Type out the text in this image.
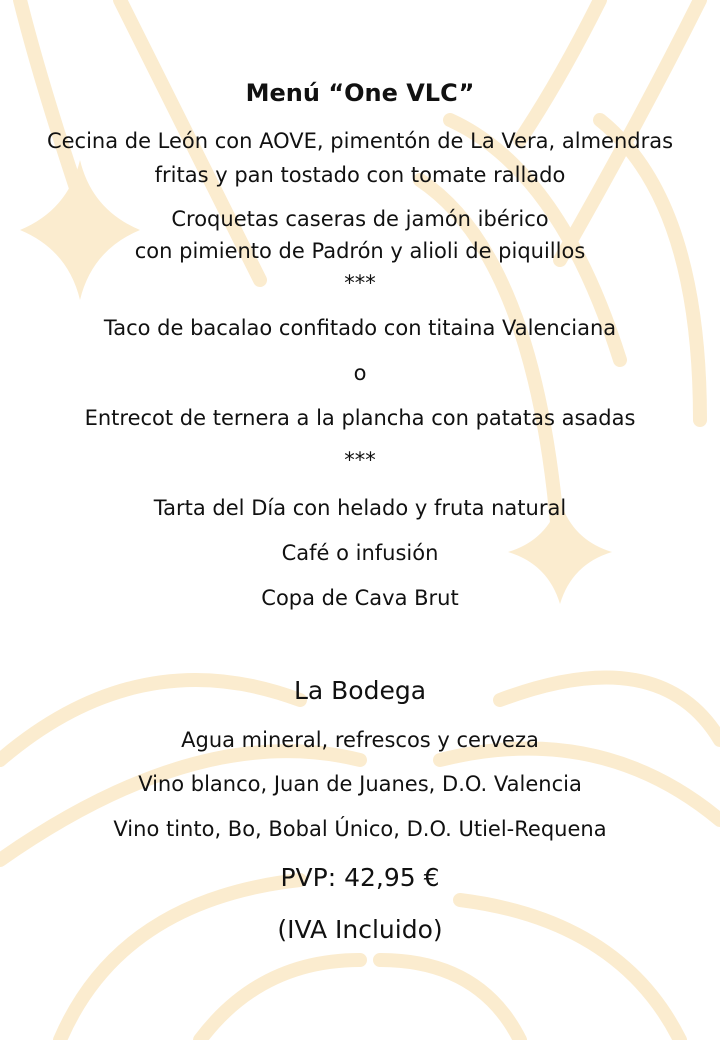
Menú “One VLC”
Cecina de León con AOVE, pimentón de La Vera, almendras
fritas y pan tostado con tomate rallado
Croquetas caseras de jamón ibérico
con pimiento de Padrón y alioli de piquillos
***
Taco de bacalao confitado con titaina Valenciana
o
Entrecot de ternera a la plancha con patatas asadas
***
Tarta del Día con helado y fruta natural
Café o infusión
Copa de Cava Brut
La Bodega
Agua mineral, refrescos y cerveza
Vino blanco, Juan de Juanes, D.O. Valencia
Vino tinto, Bo, Bobal Único, D.O. Utiel-Requena
PVP: 42,95 €
(IVA Incluido)
